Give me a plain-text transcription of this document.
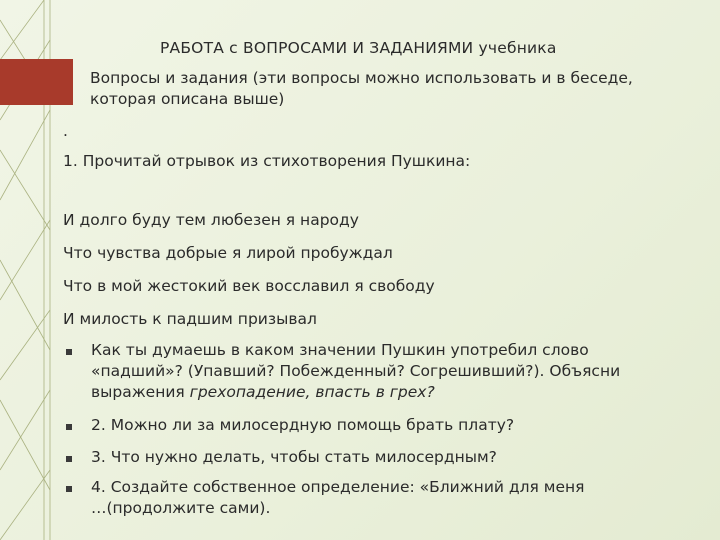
РАБОТА с ВОПРОСАМИ И ЗАДАНИЯМИ учебника
Вопросы и задания (эти вопросы можно использовать и в беседе,
которая описана выше)
.
1. Прочитай отрывок из стихотворения Пушкина:
И долго буду тем любезен я народу
Что чувства добрые я лирой пробуждал
Что в мой жестокий век восславил я свободу
И милость к падшим призывал
Как ты думаешь в каком значении Пушкин употребил слово
«падший»? (Упавший? Побежденный? Согрешивший?). Объясни
выражения грехопадение, впасть в грех?
2. Можно ли за милосердную помощь брать плату?
3. Что нужно делать, чтобы стать милосердным?
4. Создайте собственное определение: «Ближний для меня
…(продолжите сами).
